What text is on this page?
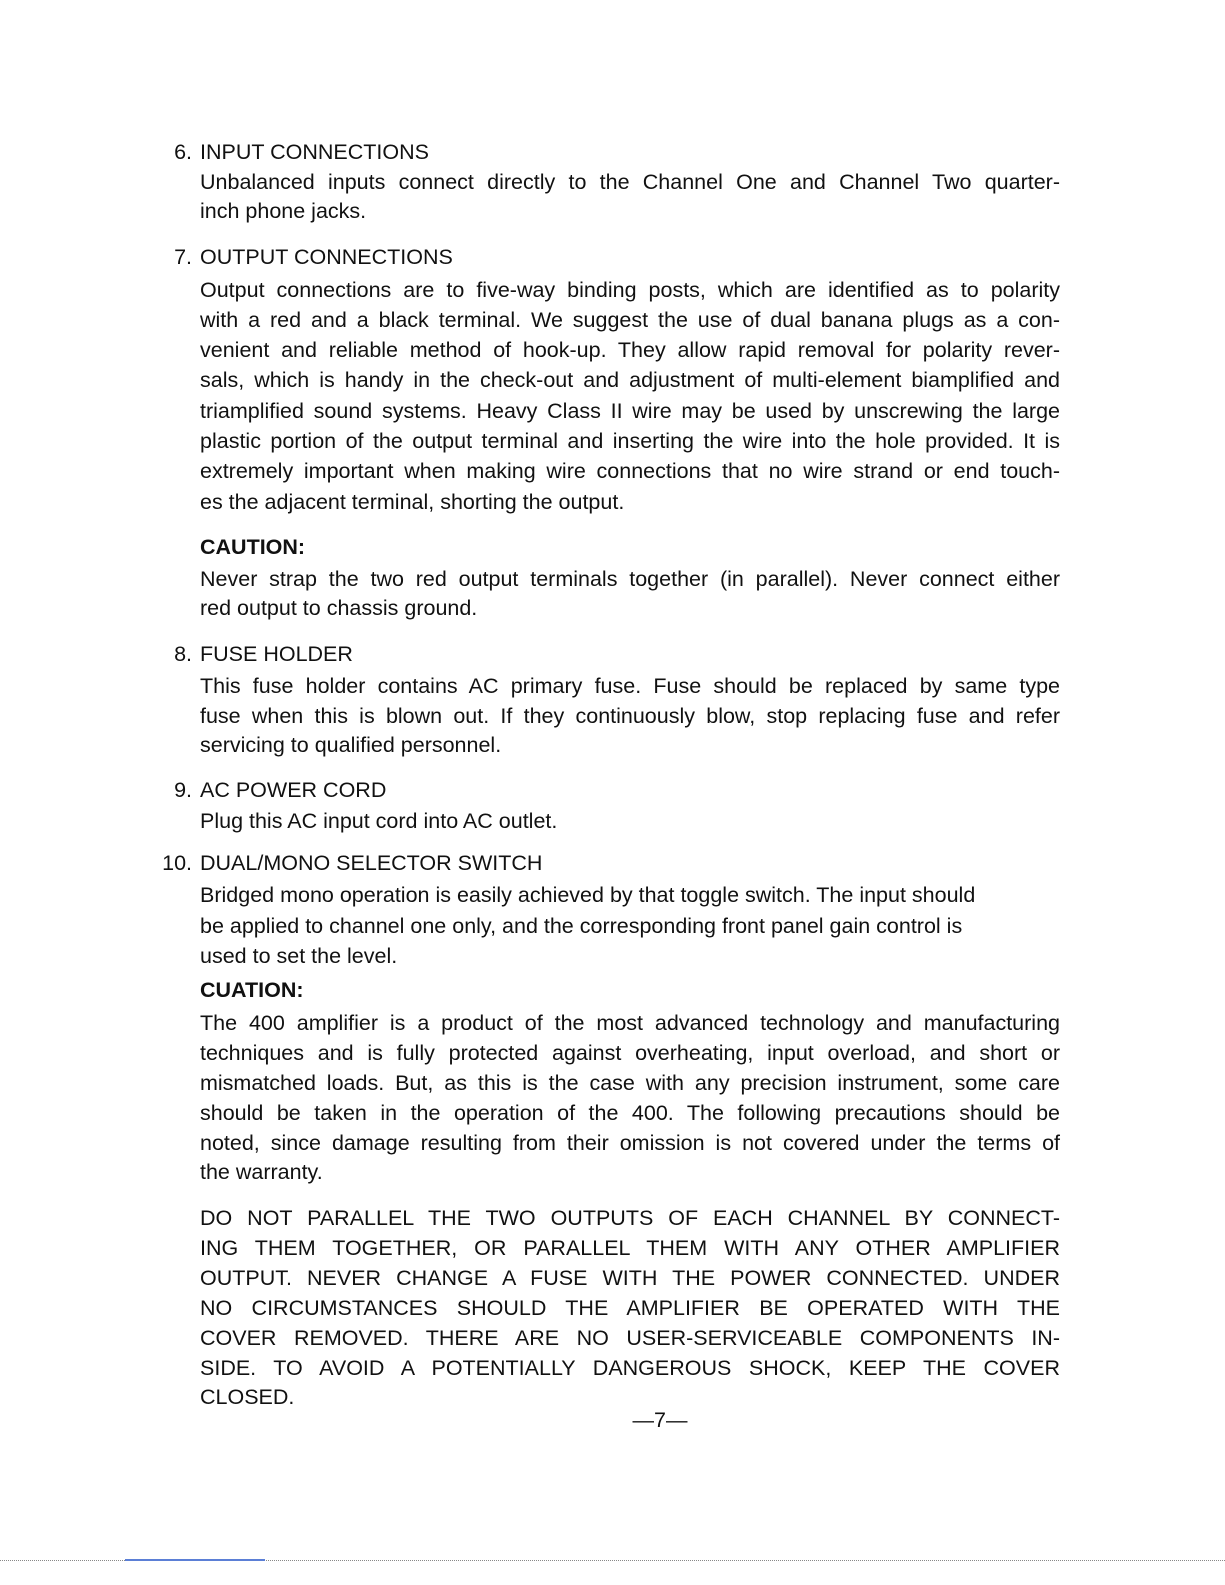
6. INPUT CONNECTIONS
Unbalanced inputs connect directly to the Channel One and Channel Two quarter-
inch phone jacks.
7. OUTPUT CONNECTIONS
Output connections are to five-way binding posts, which are identified as to polarity
with a red and a black terminal. We suggest the use of dual banana plugs as a con-
venient and reliable method of hook-up. They allow rapid removal for polarity rever-
sals, which is handy in the check-out and adjustment of multi-element biamplified and
triamplified sound systems. Heavy Class II wire may be used by unscrewing the large
plastic portion of the output terminal and inserting the wire into the hole provided. It is
extremely important when making wire connections that no wire strand or end touch-
es the adjacent terminal, shorting the output.
CAUTION:
Never strap the two red output terminals together (in parallel). Never connect either
red output to chassis ground.
8. FUSE HOLDER
This fuse holder contains AC primary fuse. Fuse should be replaced by same type
fuse when this is blown out. If they continuously blow, stop replacing fuse and refer
servicing to qualified personnel.
9. AC POWER CORD
Plug this AC input cord into AC outlet.
10. DUAL/MONO SELECTOR SWITCH
Bridged mono operation is easily achieved by that toggle switch. The input should
be applied to channel one only, and the corresponding front panel gain control is
used to set the level.
CUATION:
The 400 amplifier is a product of the most advanced technology and manufacturing
techniques and is fully protected against overheating, input overload, and short or
mismatched loads. But, as this is the case with any precision instrument, some care
should be taken in the operation of the 400. The following precautions should be
noted, since damage resulting from their omission is not covered under the terms of
the warranty.
DO NOT PARALLEL THE TWO OUTPUTS OF EACH CHANNEL BY CONNECT-
ING THEM TOGETHER, OR PARALLEL THEM WITH ANY OTHER AMPLIFIER
OUTPUT. NEVER CHANGE A FUSE WITH THE POWER CONNECTED. UNDER
NO CIRCUMSTANCES SHOULD THE AMPLIFIER BE OPERATED WITH THE
COVER REMOVED. THERE ARE NO USER-SERVICEABLE COMPONENTS IN-
SIDE. TO AVOID A POTENTIALLY DANGEROUS SHOCK, KEEP THE COVER
CLOSED.
—7—
